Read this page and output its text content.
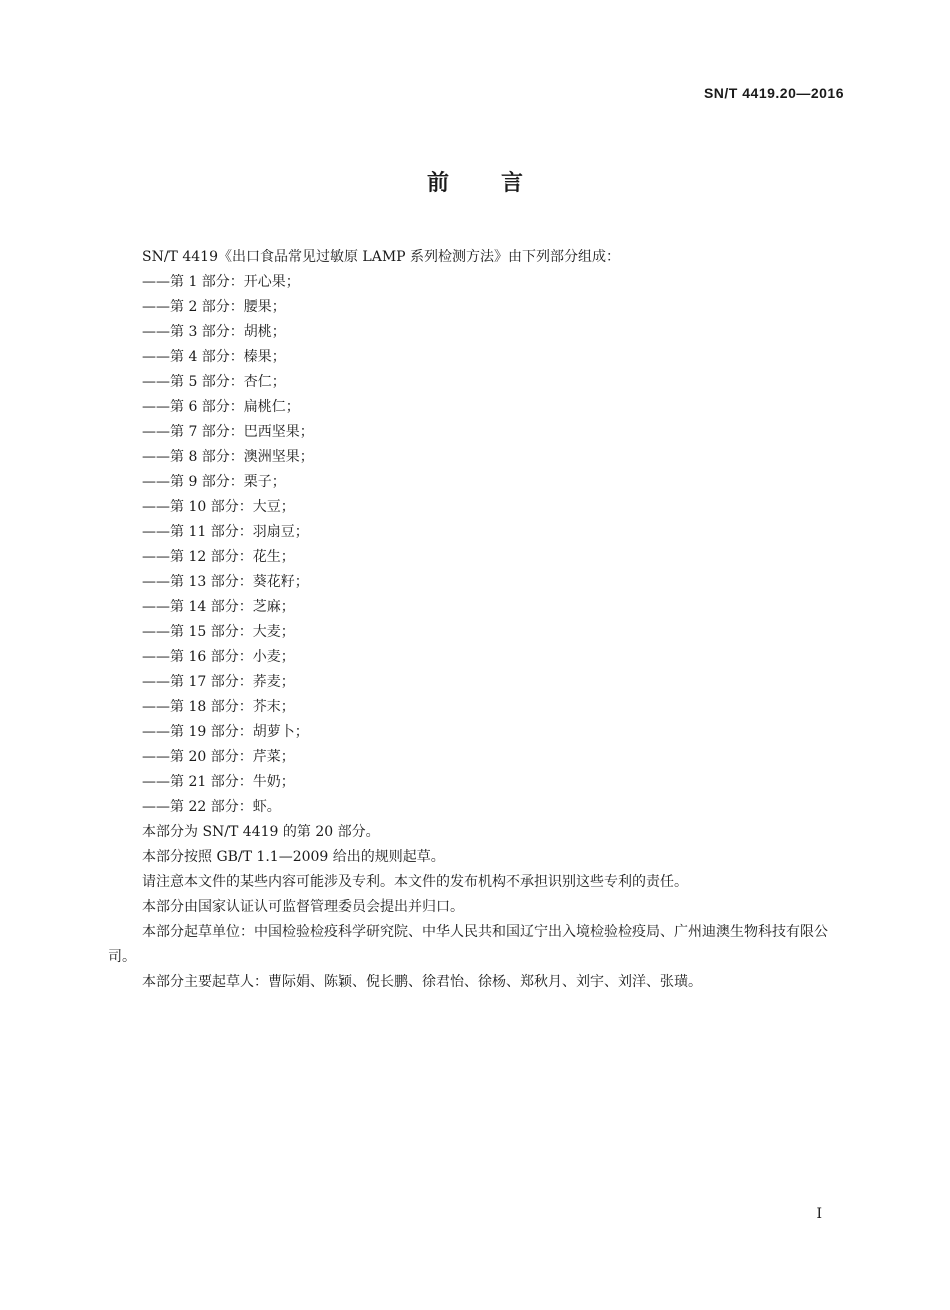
SN/T 4419.20—2016
前言

SN/T 4419《出口食品常见过敏原 LAMP 系列检测方法》由下列部分组成：

——第 1 部分：开心果；
——第 2 部分：腰果；
——第 3 部分：胡桃；
——第 4 部分：榛果；
——第 5 部分：杏仁；
——第 6 部分：扁桃仁；
——第 7 部分：巴西坚果；
——第 8 部分：澳洲坚果；
——第 9 部分：栗子；
——第 10 部分：大豆；
——第 11 部分：羽扇豆；
——第 12 部分：花生；
——第 13 部分：葵花籽；
——第 14 部分：芝麻；
——第 15 部分：大麦；
——第 16 部分：小麦；
——第 17 部分：荞麦；
——第 18 部分：芥末；
——第 19 部分：胡萝卜；
——第 20 部分：芹菜；
——第 21 部分：牛奶；
——第 22 部分：虾。

本部分为 SN/T 4419 的第 20 部分。

本部分按照 GB/T 1.1—2009 给出的规则起草。

请注意本文件的某些内容可能涉及专利。本文件的发布机构不承担识别这些专利的责任。

本部分由国家认证认可监督管理委员会提出并归口。

本部分起草单位：中国检验检疫科学研究院、中华人民共和国辽宁出入境检验检疫局、广州迪澳生物科技有限公司。

本部分主要起草人：曹际娟、陈颖、倪长鹏、徐君怡、徐杨、郑秋月、刘宇、刘洋、张璜。

I
